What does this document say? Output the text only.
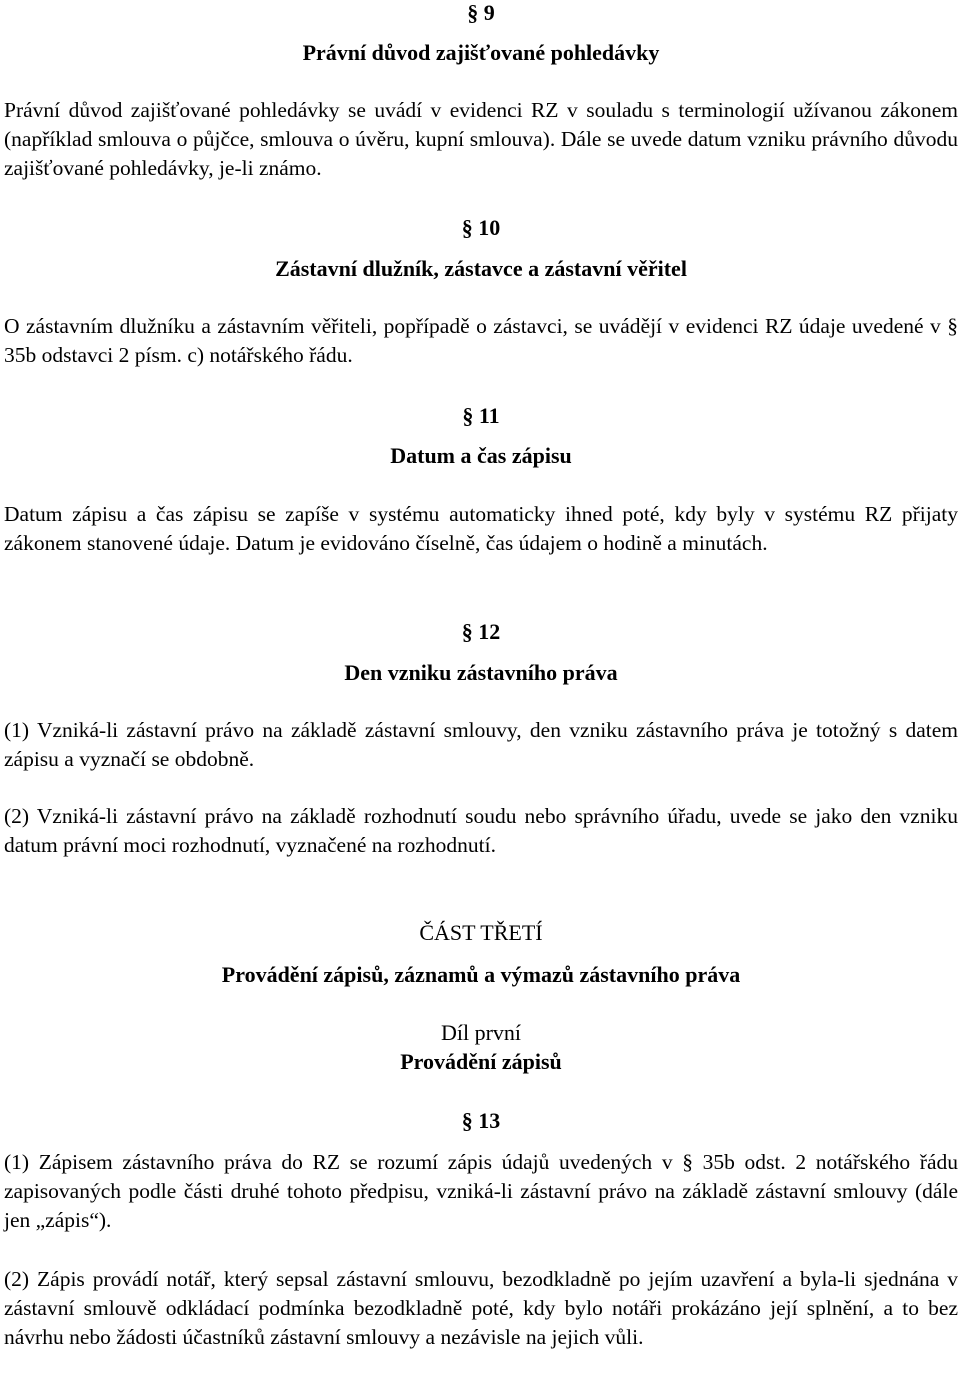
§ 9
Právní důvod zajišťované pohledávky

Právní důvod zajišťované pohledávky se uvádí v evidenci RZ v souladu s terminologií užívanou zákonem (například smlouva o půjčce, smlouva o úvěru, kupní smlouva). Dále se uvede datum vzniku právního důvodu zajišťované pohledávky, je-li známo.

§ 10
Zástavní dlužník, zástavce a zástavní věřitel

O zástavním dlužníku a zástavním věřiteli, popřípadě o zástavci, se uvádějí v evidenci RZ údaje uvedené v § 35b odstavci 2 písm. c) notářského řádu.

§ 11
Datum a čas zápisu

Datum zápisu a čas zápisu se zapíše v systému automaticky ihned poté, kdy byly v systému RZ přijaty zákonem stanovené údaje. Datum je evidováno číselně, čas údajem o hodině a minutách.

§ 12
Den vzniku zástavního práva

(1) Vzniká-li zástavní právo na základě zástavní smlouvy, den vzniku zástavního práva je totožný s datem zápisu a vyznačí se obdobně.

(2) Vzniká-li zástavní právo na základě rozhodnutí soudu nebo správního úřadu, uvede se jako den vzniku datum právní moci rozhodnutí, vyznačené na rozhodnutí.

ČÁST TŘETÍ
Provádění zápisů, záznamů a výmazů zástavního práva
Díl první
Provádění zápisů
§ 13

(1) Zápisem zástavního práva do RZ se rozumí zápis údajů uvedených v § 35b odst. 2 notářského řádu zapisovaných podle části druhé tohoto předpisu, vzniká-li zástavní právo na základě zástavní smlouvy (dále jen „zápis“).

(2) Zápis provádí notář, který sepsal zástavní smlouvu, bezodkladně po jejím uzavření a byla-li sjednána v zástavní smlouvě odkládací podmínka bezodkladně poté, kdy bylo notáři prokázáno její splnění, a to bez návrhu nebo žádosti účastníků zástavní smlouvy a nezávisle na jejich vůli.
